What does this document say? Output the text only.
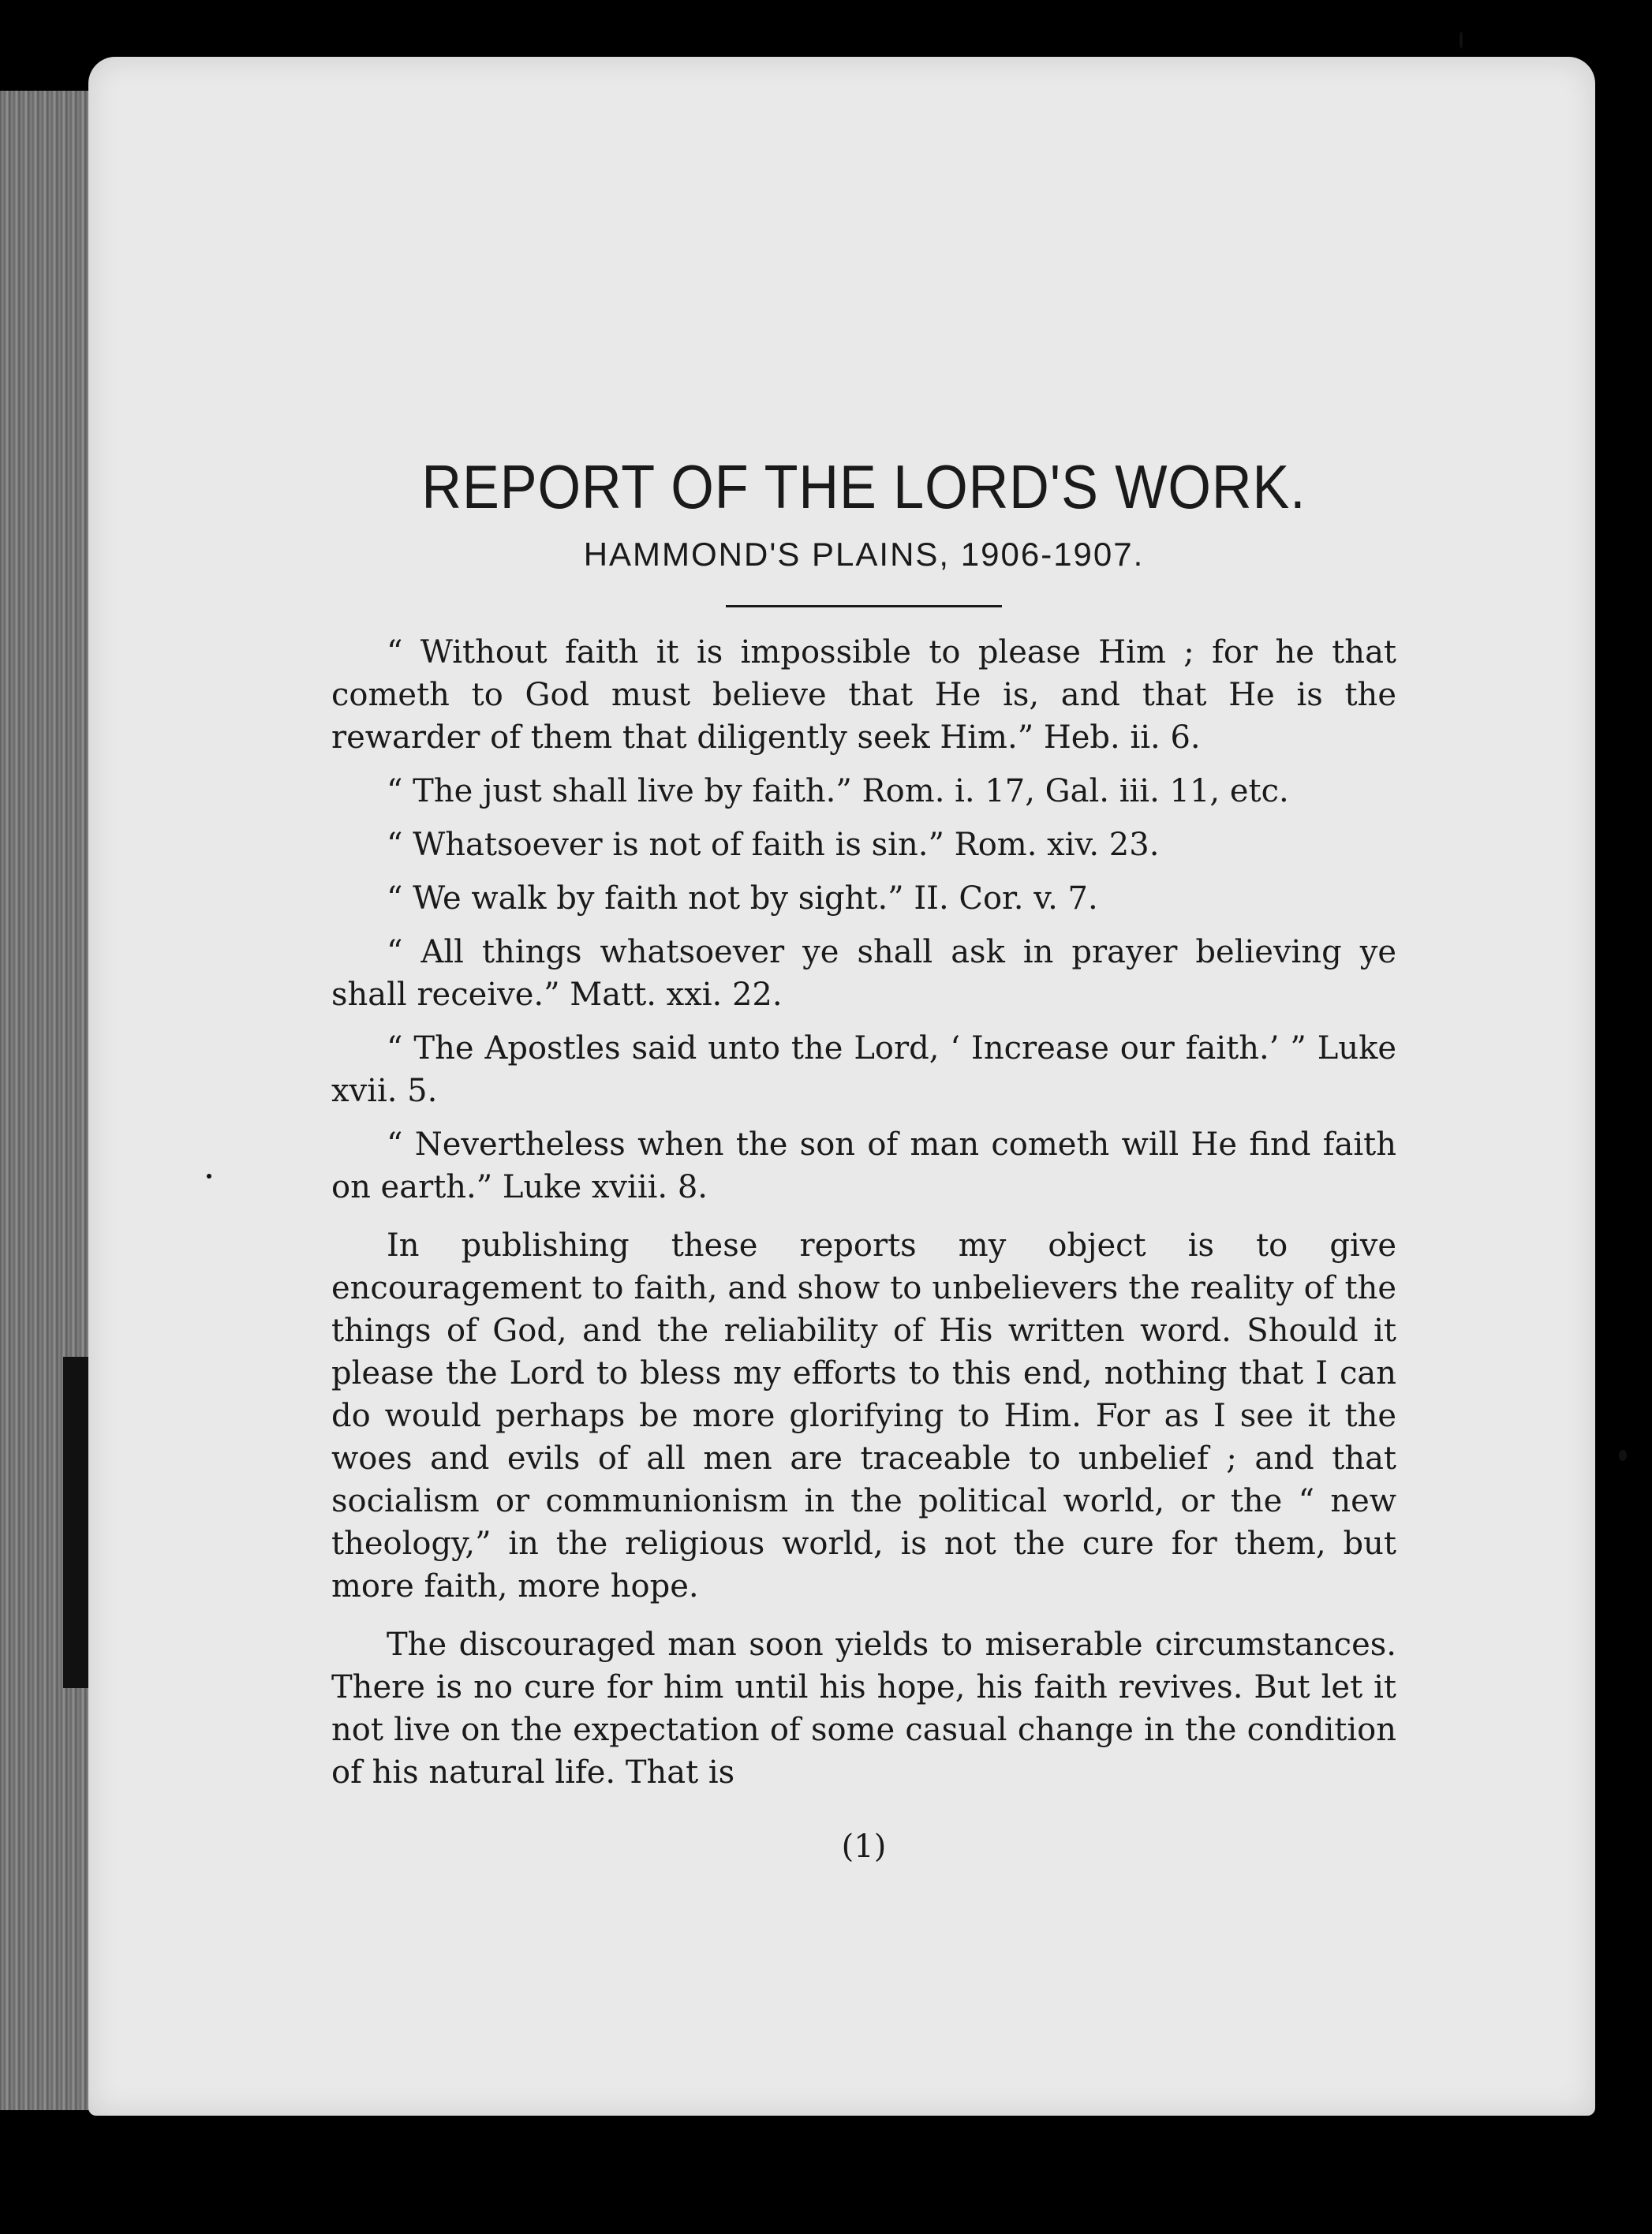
REPORT OF THE LORD'S WORK.
HAMMOND'S PLAINS, 1906-1907.

“ Without faith it is impossible to please Him ; for he that cometh to God must believe that He is, and that He is the rewarder of them that diligently seek Him.” Heb. ii. 6.

“ The just shall live by faith.” Rom. i. 17, Gal. iii. 11, etc.

“ Whatsoever is not of faith is sin.” Rom. xiv. 23.

“ We walk by faith not by sight.” II. Cor. v. 7.

“ All things whatsoever ye shall ask in prayer believing ye shall receive.” Matt. xxi. 22.

“ The Apostles said unto the Lord, ‘ Increase our faith.’ ” Luke xvii. 5.

“ Nevertheless when the son of man cometh will He find faith on earth.” Luke xviii. 8.

In publishing these reports my object is to give encouragement to faith, and show to unbelievers the reality of the things of God, and the reliability of His written word. Should it please the Lord to bless my efforts to this end, nothing that I can do would perhaps be more glorifying to Him. For as I see it the woes and evils of all men are traceable to unbelief ; and that socialism or communionism in the political world, or the “ new theology,” in the religious world, is not the cure for them, but more faith, more hope.

The discouraged man soon yields to miserable circumstances. There is no cure for him until his hope, his faith revives. But let it not live on the expectation of some casual change in the condition of his natural life. That is

(1)
